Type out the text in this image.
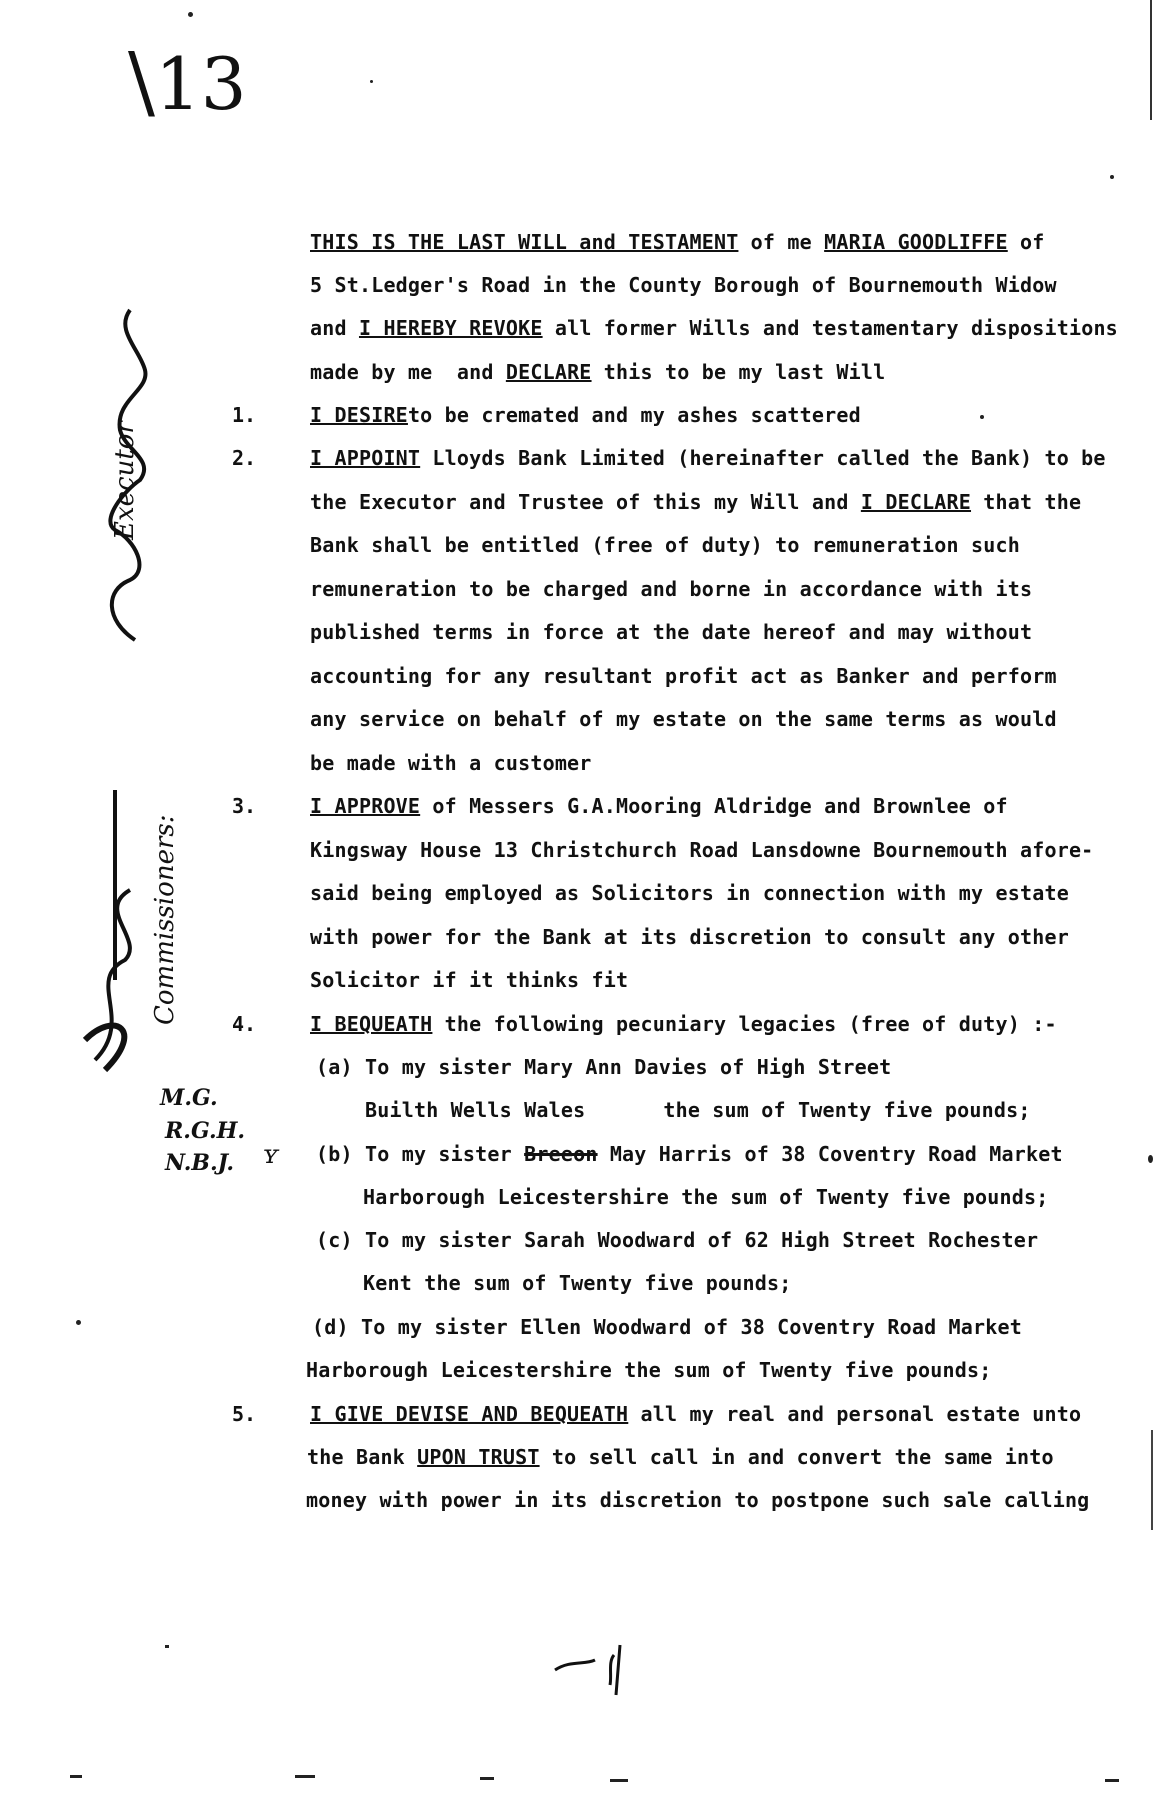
\13
Executor
Commissioners:
M.G.
R.G.H.
N.B.J. ʏ
THIS IS THE LAST WILL and TESTAMENT of me MARIA GOODLIFFE of
5 St.Ledger's Road in the County Borough of Bournemouth Widow
and I HEREBY REVOKE all former Wills and testamentary dispositions
made by me  and DECLARE this to be my last Will
1.	I DESIREto be cremated and my ashes scattered
2.	I APPOINT Lloyds Bank Limited (hereinafter called the Bank) to be
the Executor and Trustee of this my Will and I DECLARE that the
Bank shall be entitled (free of duty) to remuneration such
remuneration to be charged and borne in accordance with its
published terms in force at the date hereof and may without
accounting for any resultant profit act as Banker and perform
any service on behalf of my estate on the same terms as would
be made with a customer
3.	I APPROVE of Messers G.A.Mooring Aldridge and Brownlee of
Kingsway House 13 Christchurch Road Lansdowne Bournemouth afore-
said being employed as Solicitors in connection with my estate
with power for the Bank at its discretion to consult any other
Solicitor if it thinks fit
4.	I BEQUEATH the following pecuniary legacies (free of duty) :-
(a) To my sister Mary Ann Davies of High Street
Builth Wells Wales	the sum of Twenty five pounds;
(b) To my sister Breeon May Harris of 38 Coventry Road Market
Harborough Leicestershire the sum of Twenty five pounds;
(c) To my sister Sarah Woodward of 62 High Street Rochester
Kent the sum of Twenty five pounds;
(d) To my sister Ellen Woodward of 38 Coventry Road Market
Harborough Leicestershire the sum of Twenty five pounds;
5.	I GIVE DEVISE AND BEQUEATH all my real and personal estate unto
the Bank UPON TRUST to sell call in and convert the same into
money with power in its discretion to postpone such sale calling
